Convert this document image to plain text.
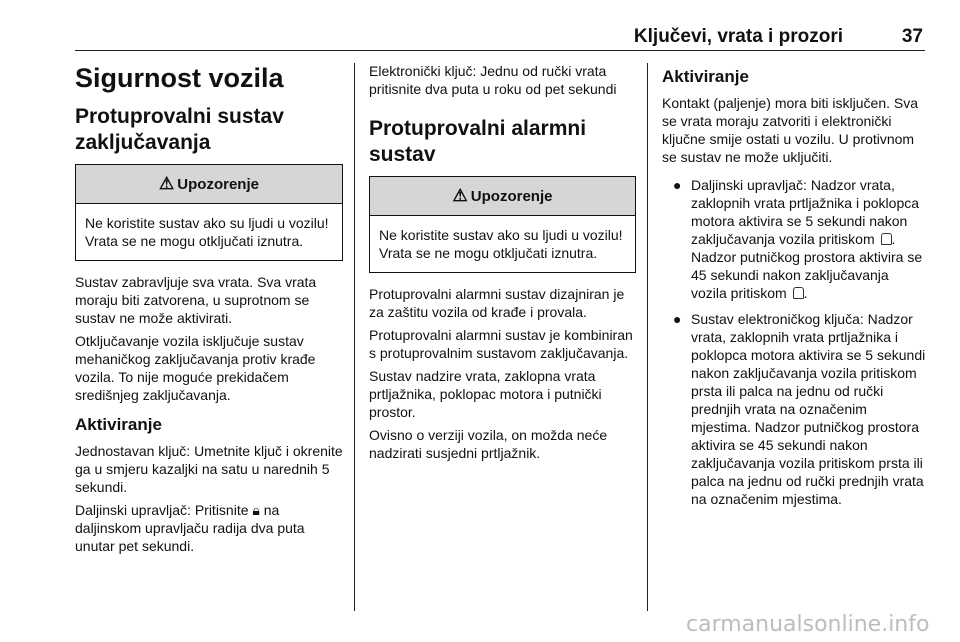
Ključevi, vrata i prozori	37
Sigurnost vozila
Protuprovalni sustav zaključavanja
⚠ Upozorenje
Ne koristite sustav ako su ljudi u vozilu! Vrata se ne mogu otključati iznutra.

Sustav zabravljuje sva vrata. Sva vrata moraju biti zatvorena, u suprotnom se sustav ne može aktivirati.

Otključavanje vozila isključuje sustav mehaničkog zaključavanja protiv krađe vozila. To nije moguće prekidačem središnjeg zaključavanja.

Aktiviranje

Jednostavan ključ: Umetnite ključ i okrenite ga u smjeru kazaljki na satu u narednih 5 sekundi.

Daljinski upravljač: Pritisnite 🔒︎ na daljinskom upravljaču radija dva puta unutar pet sekundi.

Elektronički ključ: Jednu od ručki vrata pritisnite dva puta u roku od pet sekundi

Protuprovalni alarmni sustav
⚠ Upozorenje
Ne koristite sustav ako su ljudi u vozilu! Vrata se ne mogu otključati iznutra.

Protuprovalni alarmni sustav dizajniran je za zaštitu vozila od krađe i provala.

Protuprovalni alarmni sustav je kombiniran s protuprovalnim sustavom zaključavanja.

Sustav nadzire vrata, zaklopna vrata prtljažnika, poklopac motora i putnički prostor.

Ovisno o verziji vozila, on možda neće nadzirati susjedni prtljažnik.

Aktiviranje

Kontakt (paljenje) mora biti isključen. Sva se vrata moraju zatvoriti i elektronički ključne smije ostati u vozilu. U protivnom se sustav ne može uključiti.

● Daljinski upravljač: Nadzor vrata, zaklopnih vrata prtljažnika i poklopca motora aktivira se 5 sekundi nakon zaključavanja vozila pritiskom . Nadzor putničkog prostora aktivira se 45 sekundi nakon zaključavanja vozila pritiskom .
● Sustav elektroničkog ključa: Nadzor vrata, zaklopnih vrata prtljažnika i poklopca motora aktivira se 5 sekundi nakon zaključavanja vozila pritiskom prsta ili palca na jednu od ručki prednjih vrata na označenim mjestima. Nadzor putničkog prostora aktivira se 45 sekundi nakon zaključavanja vozila pritiskom prsta ili palca na jednu od ručki prednjih vrata na označenim mjestima.
carmanualsonline.info
